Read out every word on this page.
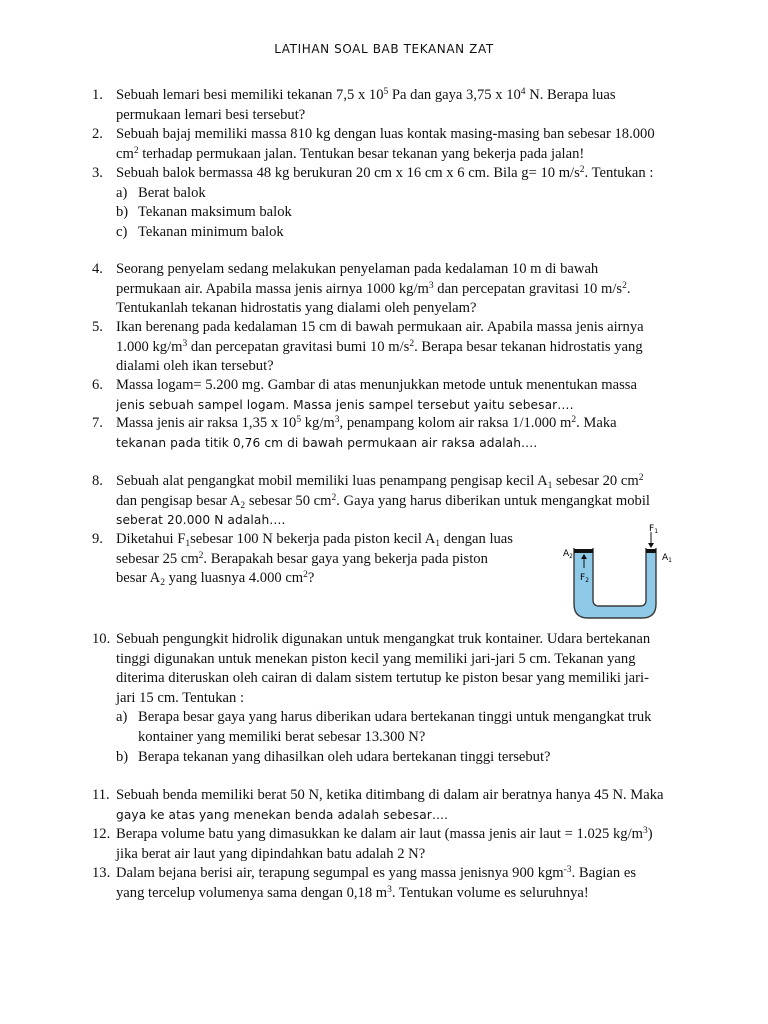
LATIHAN SOAL BAB TEKANAN ZAT
1. Sebuah lemari besi memiliki tekanan 7,5 x $10^5$ Pa dan gaya 3,75 x $10^4$ N. Berapa luas
permukaan lemari besi tersebut?
2. Sebuah bajaj memiliki massa 810 kg dengan luas kontak masing-masing ban sebesar 18.000
$cm^2$ terhadap permukaan jalan. Tentukan besar tekanan yang bekerja pada jalan!
3. Sebuah balok bermassa 48 kg berukuran 20 cm x 16 cm x 6 cm. Bila g= 10 $m/s^2$. Tentukan :
a) Berat balok
b) Tekanan maksimum balok
c) Tekanan minimum balok
4. Seorang penyelam sedang melakukan penyelaman pada kedalaman 10 m di bawah
permukaan air. Apabila massa jenis airnya 1000 $kg/m^3$ dan percepatan gravitasi 10 $m/s^2$.
Tentukanlah tekanan hidrostatis yang dialami oleh penyelam?
5. Ikan berenang pada kedalaman 15 cm di bawah permukaan air. Apabila massa jenis airnya
1.000 $kg/m^3$ dan percepatan gravitasi bumi 10 $m/s^2$. Berapa besar tekanan hidrostatis yang
dialami oleh ikan tersebut?
6. Massa logam= 5.200 mg. Gambar di atas menunjukkan metode untuk menentukan massa
jenis sebuah sampel logam. Massa jenis sampel tersebut yaitu sebesar….
7. Massa jenis air raksa 1,35 x $10^5$ $kg/m^3$, penampang kolom air raksa 1/1.000 $m^2$. Maka
tekanan pada titik 0,76 cm di bawah permukaan air raksa adalah….
8. Sebuah alat pengangkat mobil memiliki luas penampang pengisap kecil $A_1$ sebesar 20 $cm^2$
dan pengisap besar $A_2$ sebesar 50 $cm^2$. Gaya yang harus diberikan untuk mengangkat mobil
seberat 20.000 N adalah….
9. Diketahui $F_1sebesar$ 100 N bekerja pada piston kecil $A_1$ dengan luas
sebesar 25 $cm^2$. Berapakah besar gaya yang bekerja pada piston
besar $A_2$ yang luasnya 4.000 $cm^2$?
$F_1$
$A_1$
$A_2$
$F_2$
10. Sebuah pengungkit hidrolik digunakan untuk mengangkat truk kontainer. Udara bertekanan
tinggi digunakan untuk menekan piston kecil yang memiliki jari-jari 5 cm. Tekanan yang
diterima diteruskan oleh cairan di dalam sistem tertutup ke piston besar yang memiliki jari-
jari 15 cm. Tentukan :
a) Berapa besar gaya yang harus diberikan udara bertekanan tinggi untuk mengangkat truk
kontainer yang memiliki berat sebesar 13.300 N?
b) Berapa tekanan yang dihasilkan oleh udara bertekanan tinggi tersebut?
11. Sebuah benda memiliki berat 50 N, ketika ditimbang di dalam air beratnya hanya 45 N. Maka
gaya ke atas yang menekan benda adalah sebesar….
12. Berapa volume batu yang dimasukkan ke dalam air laut (massa jenis air laut = 1.025 $kg/m^3$)
jika berat air laut yang dipindahkan batu adalah 2 N?
13. Dalam bejana berisi air, terapung segumpal es yang massa jenisnya 900 kgm$^{-3}$. Bagian es
yang tercelup volumenya sama dengan 0,18 $m^3$. Tentukan volume es seluruhnya!
